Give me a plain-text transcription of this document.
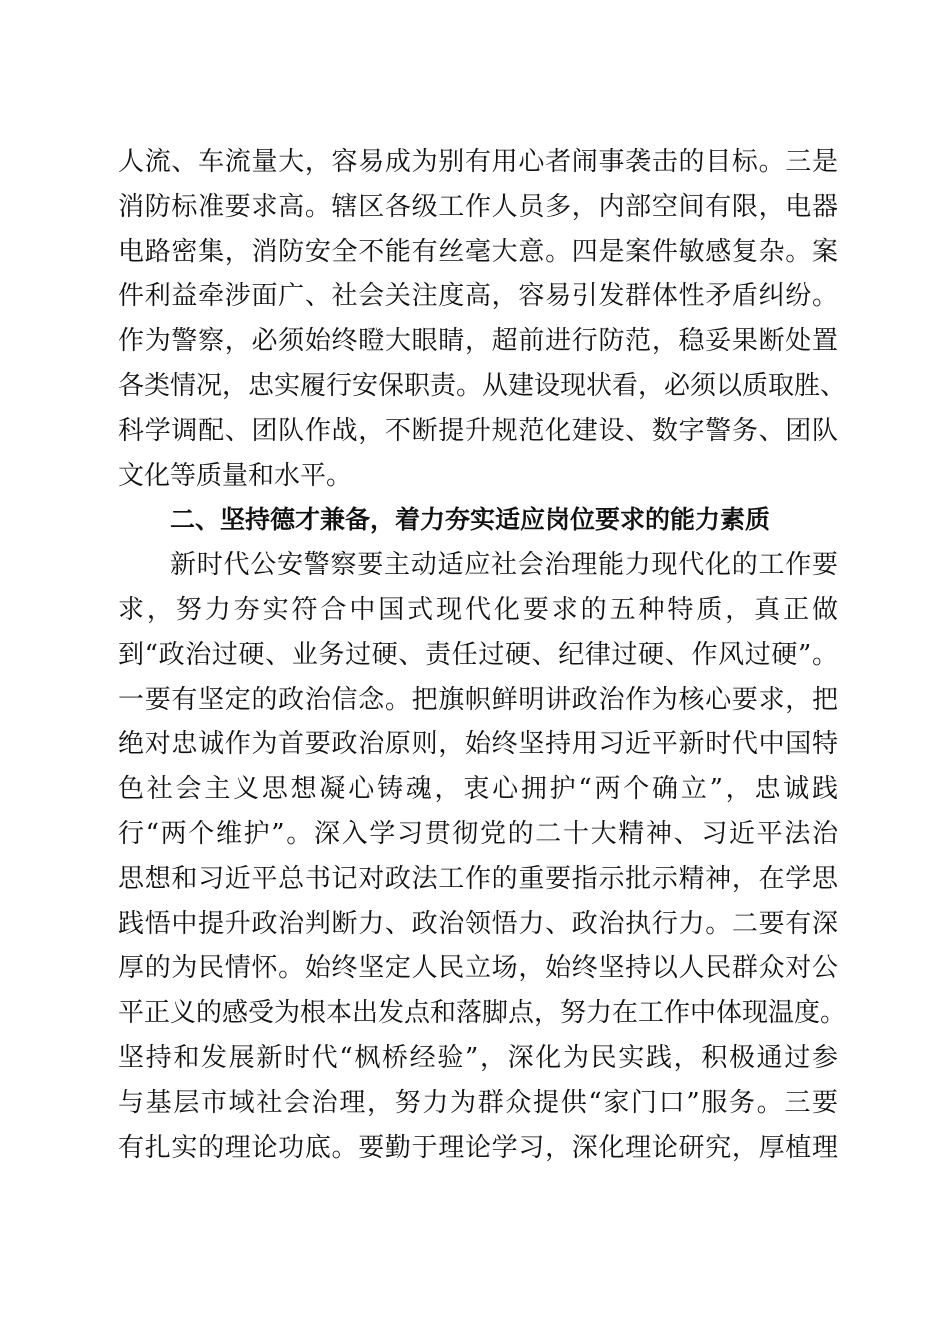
人流、车流量大，容易成为别有用心者闹事袭击的目标。三是
消防标准要求高。辖区各级工作人员多，内部空间有限，电器
电路密集，消防安全不能有丝毫大意。四是案件敏感复杂。案
件利益牵涉面广、社会关注度高，容易引发群体性矛盾纠纷。
作为警察，必须始终瞪大眼睛，超前进行防范，稳妥果断处置
各类情况，忠实履行安保职责。从建设现状看，必须以质取胜、
科学调配、团队作战，不断提升规范化建设、数字警务、团队
文化等质量和水平。
二、坚持德才兼备，着力夯实适应岗位要求的能力素质
新时代公安警察要主动适应社会治理能力现代化的工作要
求，努力夯实符合中国式现代化要求的五种特质，真正做
到“政治过硬、业务过硬、责任过硬、纪律过硬、作风过硬”。
一要有坚定的政治信念。把旗帜鲜明讲政治作为核心要求，把
绝对忠诚作为首要政治原则，始终坚持用习近平新时代中国特
色社会主义思想凝心铸魂，衷心拥护“两个确立”，忠诚践
行“两个维护”。深入学习贯彻党的二十大精神、习近平法治
思想和习近平总书记对政法工作的重要指示批示精神，在学思
践悟中提升政治判断力、政治领悟力、政治执行力。二要有深
厚的为民情怀。始终坚定人民立场，始终坚持以人民群众对公
平正义的感受为根本出发点和落脚点，努力在工作中体现温度。
坚持和发展新时代“枫桥经验”，深化为民实践，积极通过参
与基层市域社会治理，努力为群众提供“家门口”服务。三要
有扎实的理论功底。要勤于理论学习，深化理论研究，厚植理
